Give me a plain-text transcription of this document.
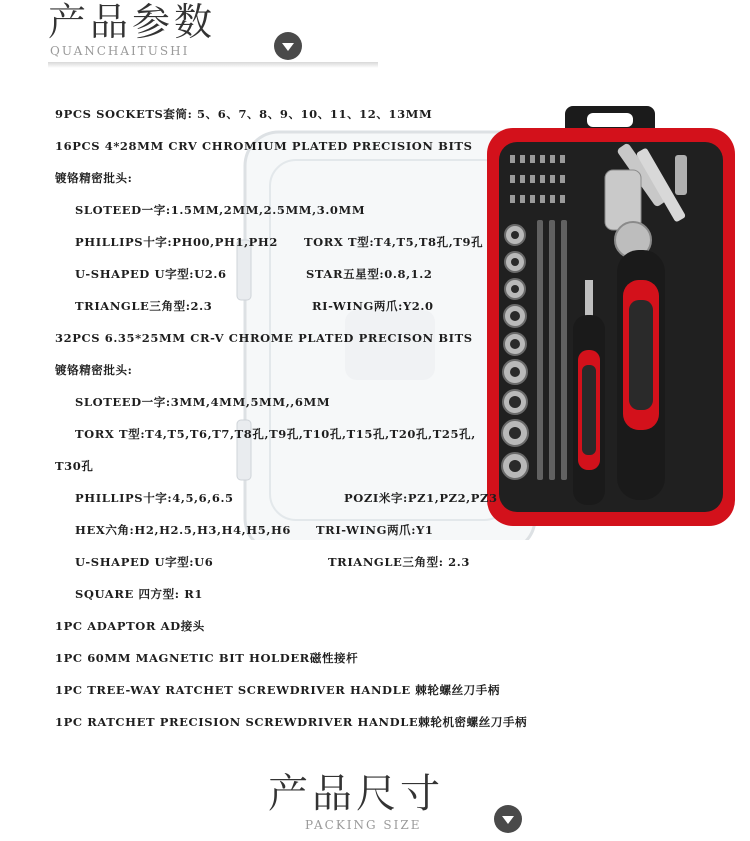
产品参数
QUANCHAITUSHI
9PCS SOCKETS套筒: 5、6、7、8、9、10、11、12、13MM
16PCS 4*28MM CRV CHROMIUM PLATED PRECISION BITS
镀铬精密批头:
SLOTEED一字:1.5MM,2MM,2.5MM,3.0MM
PHILLIPS十字:PH00,PH1,PH2 TORX T型:T4,T5,T8孔,T9孔
U-SHAPED U字型:U2.6	STAR五星型:0.8,1.2
TRIANGLE三角型:2.3	RI-WING两爪:Y2.0
32PCS 6.35*25MM CR-V CHROME PLATED PRECISON BITS
镀铬精密批头:
SLOTEED一字:3MM,4MM,5MM,,6MM
TORX T型:T4,T5,T6,T7,T8孔,T9孔,T10孔,T15孔,T20孔,T25孔,
T30孔
PHILLIPS十字:4,5,6,6.5	POZI米字:PZ1,PZ2,PZ3
HEX六角:H2,H2.5,H3,H4,H5,H6 TRI-WING两爪:Y1
U-SHAPED U字型:U6	TRIANGLE三角型: 2.3
SQUARE 四方型: R1
1PC ADAPTOR AD接头
1PC 60MM MAGNETIC BIT HOLDER磁性接杆
1PC TREE-WAY RATCHET SCREWDRIVER HANDLE 棘轮螺丝刀手柄
1PC RATCHET PRECISION SCREWDRIVER HANDLE棘轮机密螺丝刀手柄
产品尺寸
PACKING SIZE
